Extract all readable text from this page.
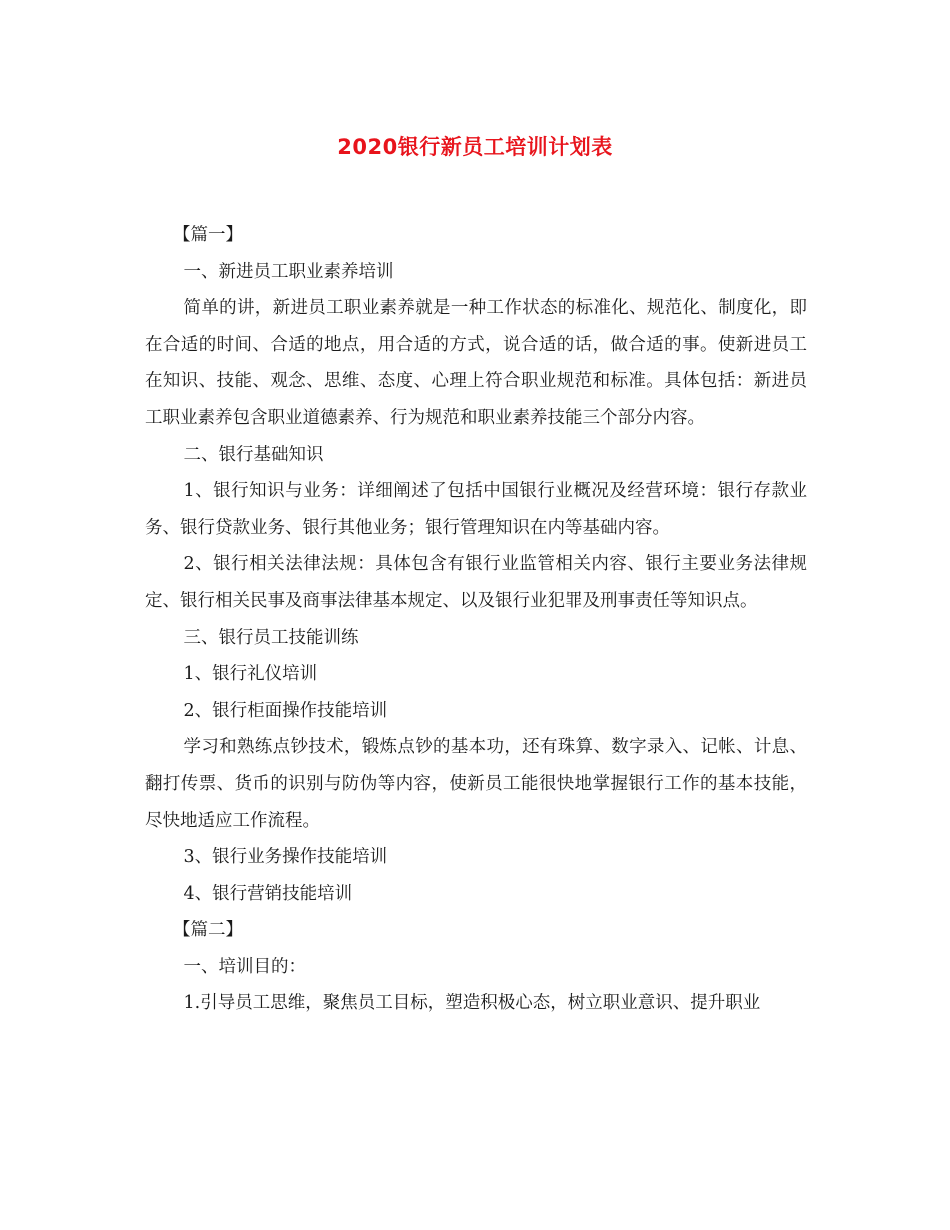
2020银行新员工培训计划表

【篇一】

一、新进员工职业素养培训

简单的讲，新进员工职业素养就是一种工作状态的标准化、规范化、制度化，即在合适的时间、合适的地点，用合适的方式，说合适的话，做合适的事。使新进员工在知识、技能、观念、思维、态度、心理上符合职业规范和标准。具体包括：新进员工职业素养包含职业道德素养、行为规范和职业素养技能三个部分内容。

二、银行基础知识

1、银行知识与业务：详细阐述了包括中国银行业概况及经营环境：银行存款业务、银行贷款业务、银行其他业务；银行管理知识在内等基础内容。

2、银行相关法律法规：具体包含有银行业监管相关内容、银行主要业务法律规定、银行相关民事及商事法律基本规定、以及银行业犯罪及刑事责任等知识点。

三、银行员工技能训练

1、银行礼仪培训

2、银行柜面操作技能培训

学习和熟练点钞技术，锻炼点钞的基本功，还有珠算、数字录入、记帐、计息、翻打传票、货币的识别与防伪等内容，使新员工能很快地掌握银行工作的基本技能，尽快地适应工作流程。

3、银行业务操作技能培训

4、银行营销技能培训

【篇二】

一、培训目的：

1.引导员工思维，聚焦员工目标，塑造积极心态，树立职业意识、提升职业
